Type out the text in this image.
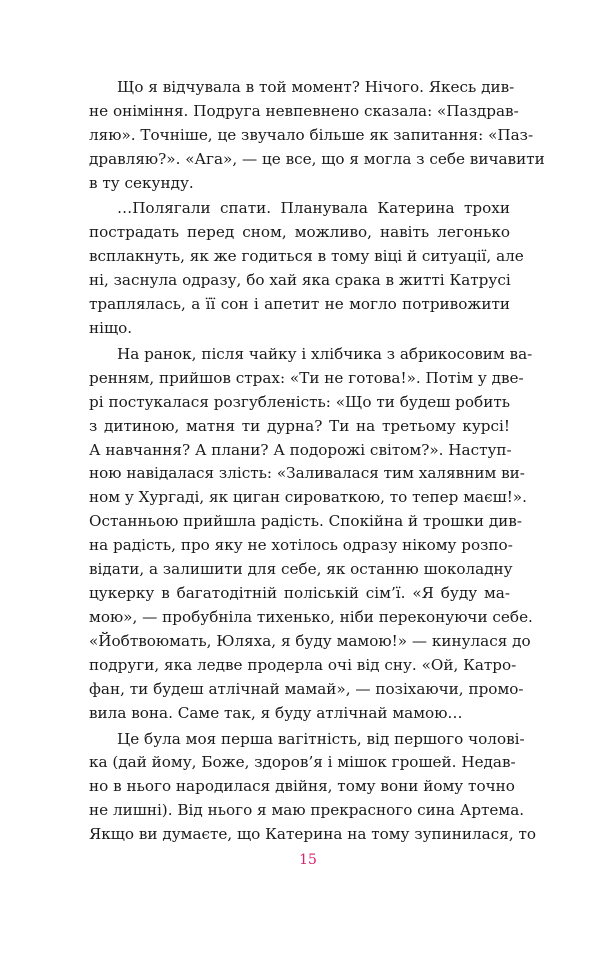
Що я відчувала в той момент? Нічого. Якесь див-
не оніміння. Подруга невпевнено сказала: «Паздрав-
ляю». Точніше, це звучало більше як запитання: «Пaз-
дравляю?». «Ага», — це все, що я могла з себе вичавити
в ту секунду.
…Полягали спати. Планувала Катерина трохи
пострадать перед сном, можливо, навіть легонько
всплакнуть, як же годиться в тому віці й ситуації, але
ні, заснула одразу, бо хай яка срака в житті Катрусі
траплялась, а її сон і апетит не могло потривожити
ніщо.
На ранок, після чайку і хлібчика з абрикосовим ва-
ренням, прийшов страх: «Ти не готова!». Потім у две-
рі постукалася розгубленість: «Що ти будеш робить
з дитиною, матня ти дурна? Ти на третьому курсі!
А навчання? А плани? А подорожі світом?». Наступ-
ною навідалася злість: «Заливалася тим халявним ви-
ном у Хургаді, як циган сироваткою, то тепер маєш!».
Останньою прийшла радість. Спокійна й трошки див-
на радість, про яку не хотілось одразу нікому розпо-
відати, а залишити для себе, як останню шоколадну
цукерку в багатодітній поліській сім’ї. «Я буду ма-
мою», — пробубніла тихенько, ніби переконуючи себе.
«Йобтвоюмать, Юляха, я буду мамою!» — кинулася до
подруги, яка ледве продерла очі від сну. «Ой, Катро-
фан, ти будеш атлічнай мамай», — позіхаючи, промо-
вила вона. Саме так, я буду атлічнай мамою…
Це була моя перша вагітність, від першого чолові-
ка (дай йому, Боже, здоров’я і мішок грошей. Недав-
но в нього народилася двійня, тому вони йому точно
не лишні). Від нього я маю прекрасного сина Артема.
Якщо ви думаєте, що Катерина на тому зупинилася, то
15
